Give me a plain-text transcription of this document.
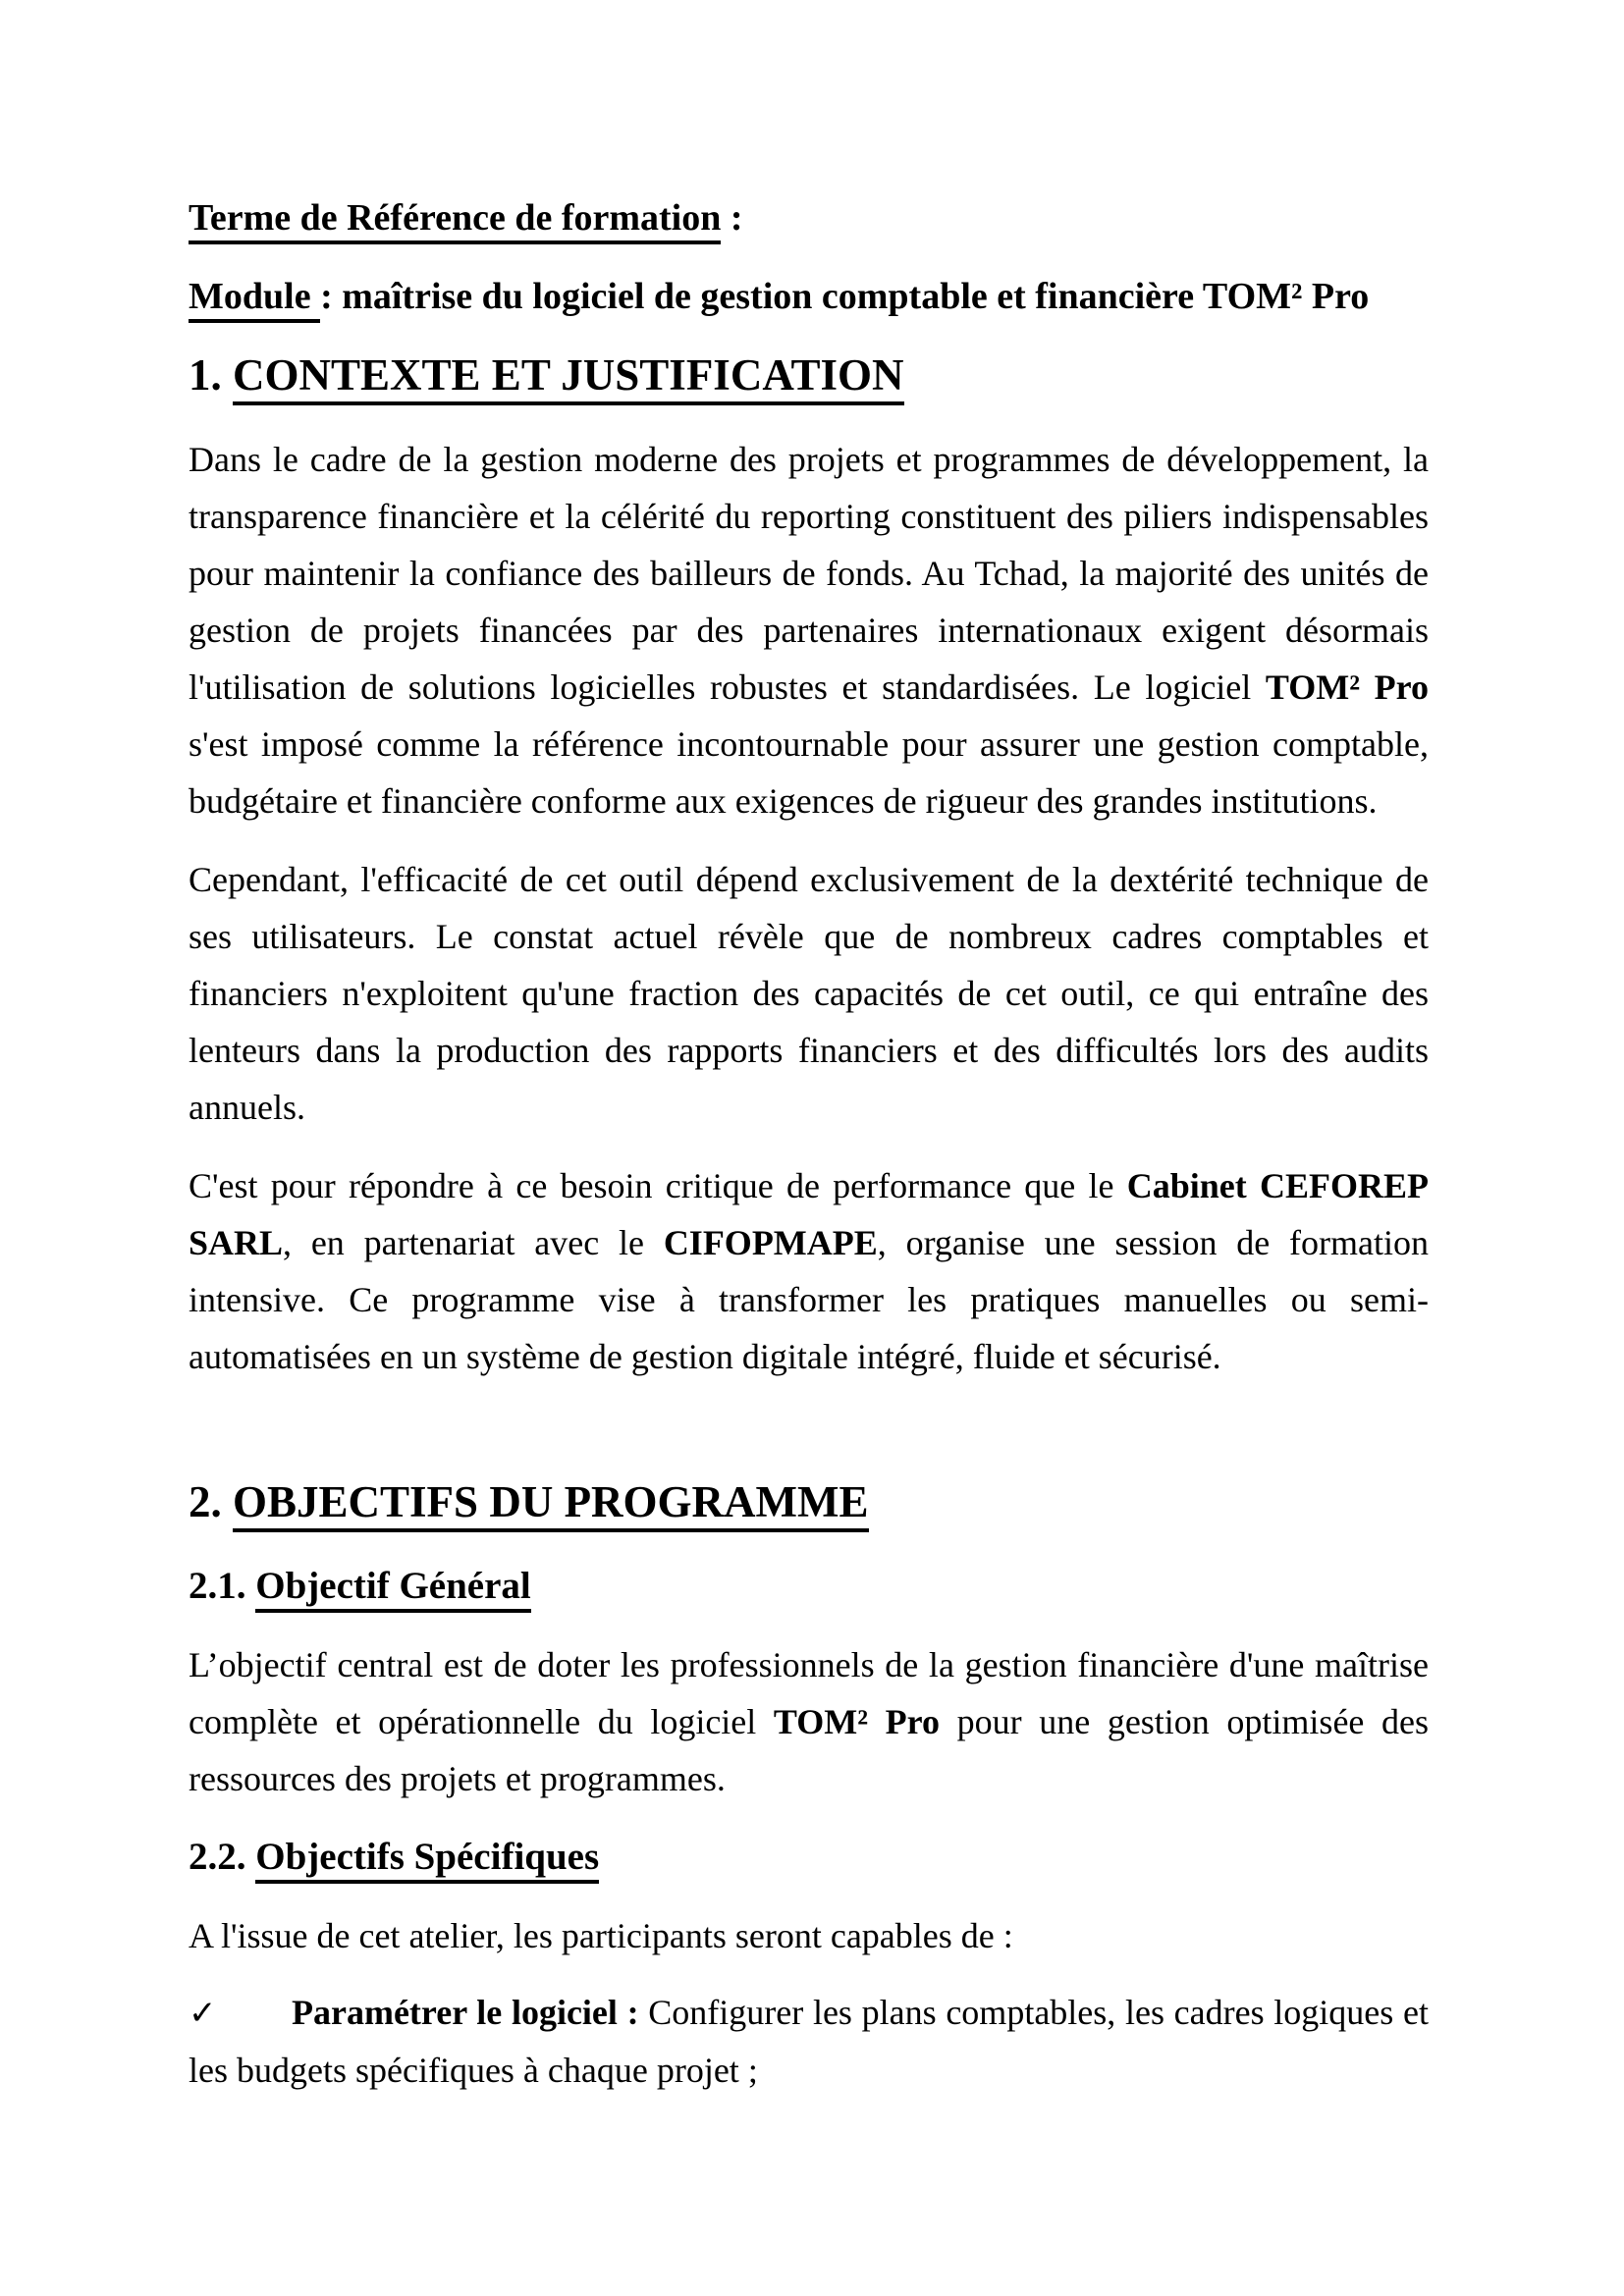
Terme de Référence de formation :

Module : maîtrise du logiciel de gestion comptable et financière TOM² Pro

1. CONTEXTE ET JUSTIFICATION

Dans le cadre de la gestion moderne des projets et programmes de développement, la transparence financière et la célérité du reporting constituent des piliers indispensables pour maintenir la confiance des bailleurs de fonds. Au Tchad, la majorité des unités de gestion de projets financées par des partenaires internationaux exigent désormais l'utilisation de solutions logicielles robustes et standardisées. Le logiciel TOM² Pro s'est imposé comme la référence incontournable pour assurer une gestion comptable, budgétaire et financière conforme aux exigences de rigueur des grandes institutions.

Cependant, l'efficacité de cet outil dépend exclusivement de la dextérité technique de ses utilisateurs. Le constat actuel révèle que de nombreux cadres comptables et financiers n'exploitent qu'une fraction des capacités de cet outil, ce qui entraîne des lenteurs dans la production des rapports financiers et des difficultés lors des audits annuels.

C'est pour répondre à ce besoin critique de performance que le Cabinet CEFOREP SARL, en partenariat avec le CIFOPMAPE, organise une session de formation intensive. Ce programme vise à transformer les pratiques manuelles ou semi-automatisées en un système de gestion digitale intégré, fluide et sécurisé.

2. OBJECTIFS DU PROGRAMME
2.1. Objectif Général

L’objectif central est de doter les professionnels de la gestion financière d'une maîtrise complète et opérationnelle du logiciel TOM² Pro pour une gestion optimisée des ressources des projets et programmes.

2.2. Objectifs Spécifiques

A l'issue de cet atelier, les participants seront capables de :

✓ Paramétrer le logiciel : Configurer les plans comptables, les cadres logiques et les budgets spécifiques à chaque projet ;
